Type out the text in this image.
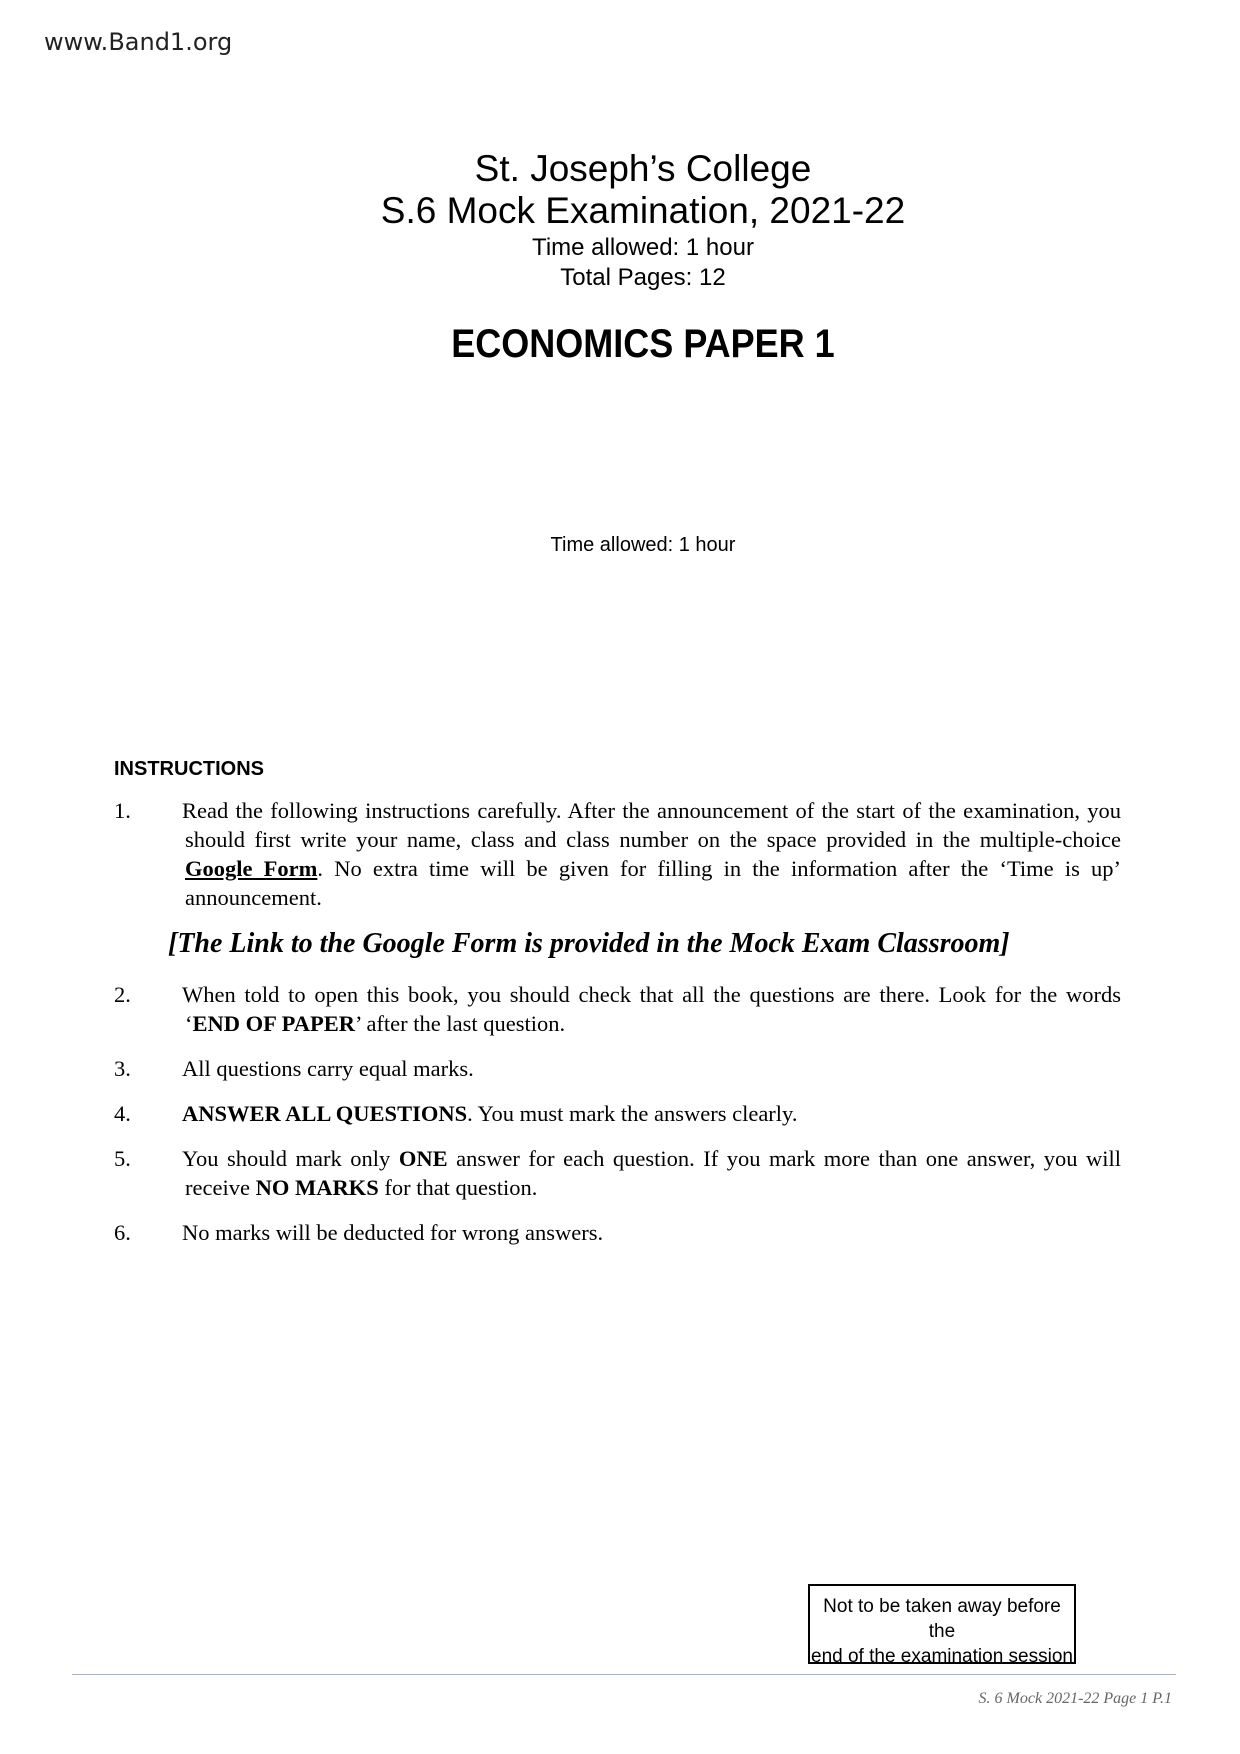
www.Band1.org
St. Joseph’s College
S.6 Mock Examination, 2021-22
Time allowed: 1 hour
Total Pages: 12
ECONOMICS PAPER 1
Time allowed: 1 hour
INSTRUCTIONS
1. Read the following instructions carefully. After the announcement of the start of the examination, you should first write your name, class and class number on the space provided in the multiple-choice Google Form. No extra time will be given for filling in the information after the ‘Time is up’ announcement.
[The Link to the Google Form is provided in the Mock Exam Classroom]
2. When told to open this book, you should check that all the questions are there. Look for the words ‘END OF PAPER’ after the last question.
3. All questions carry equal marks.
4. ANSWER ALL QUESTIONS. You must mark the answers clearly.
5. You should mark only ONE answer for each question. If you mark more than one answer, you will receive NO MARKS for that question.
6. No marks will be deducted for wrong answers.
Not to be taken away before the
end of the examination session
S. 6 Mock 2021-22 Page 1 P.1
